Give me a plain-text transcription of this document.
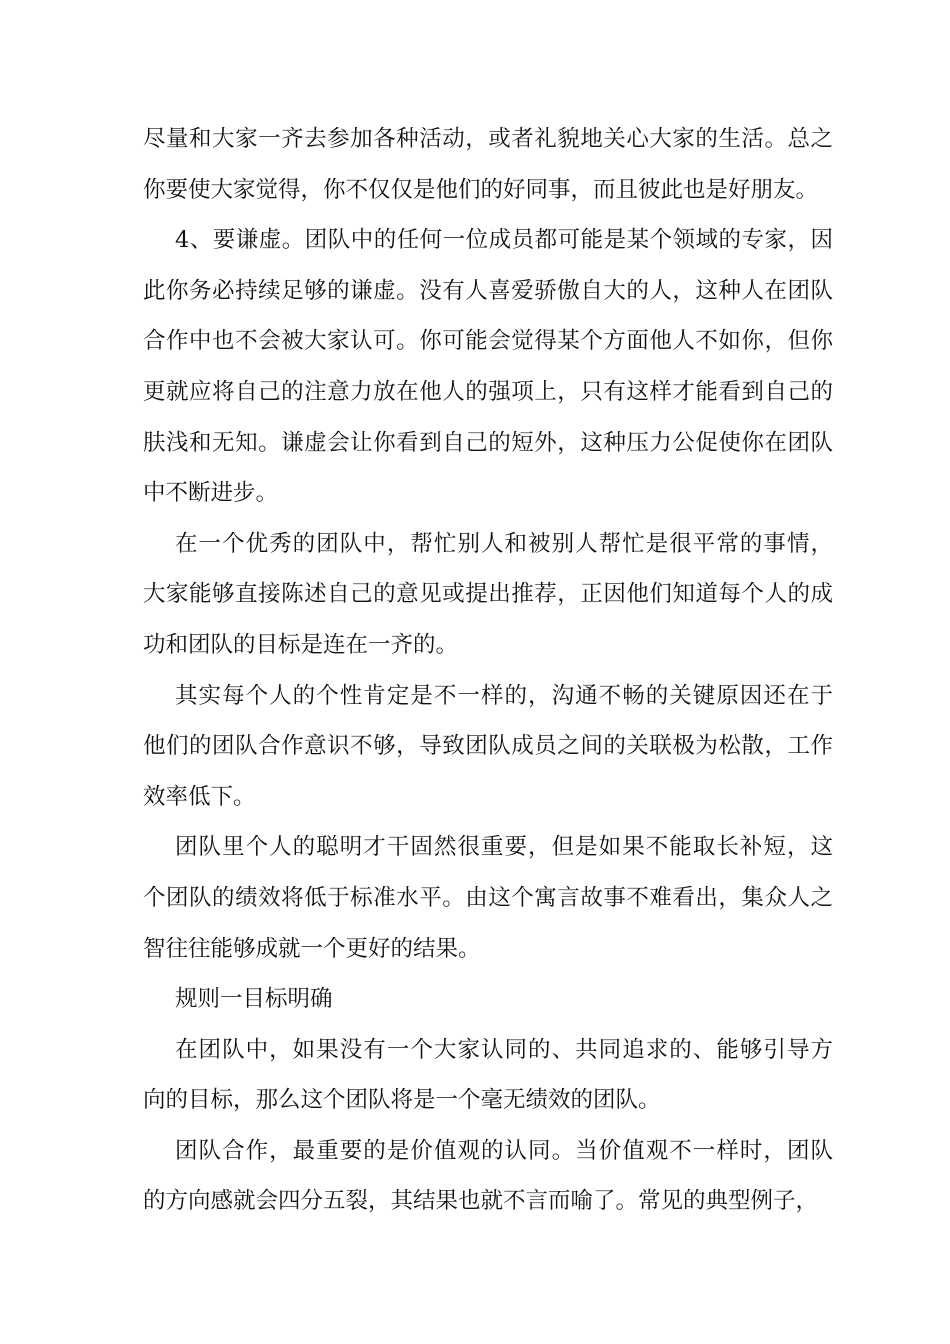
尽量和大家一齐去参加各种活动，或者礼貌地关心大家的生活。总之
你要使大家觉得，你不仅仅是他们的好同事，而且彼此也是好朋友。
4、要谦虚。团队中的任何一位成员都可能是某个领域的专家，因
此你务必持续足够的谦虚。没有人喜爱骄傲自大的人，这种人在团队
合作中也不会被大家认可。你可能会觉得某个方面他人不如你，但你
更就应将自己的注意力放在他人的强项上，只有这样才能看到自己的
肤浅和无知。谦虚会让你看到自己的短外，这种压力公促使你在团队
中不断进步。
在一个优秀的团队中，帮忙别人和被别人帮忙是很平常的事情，
大家能够直接陈述自己的意见或提出推荐，正因他们知道每个人的成
功和团队的目标是连在一齐的。
其实每个人的个性肯定是不一样的，沟通不畅的关键原因还在于
他们的团队合作意识不够，导致团队成员之间的关联极为松散，工作
效率低下。
团队里个人的聪明才干固然很重要，但是如果不能取长补短，这
个团队的绩效将低于标准水平。由这个寓言故事不难看出，集众人之
智往往能够成就一个更好的结果。
规则一目标明确
在团队中，如果没有一个大家认同的、共同追求的、能够引导方
向的目标，那么这个团队将是一个毫无绩效的团队。
团队合作，最重要的是价值观的认同。当价值观不一样时，团队
的方向感就会四分五裂，其结果也就不言而喻了。常见的典型例子，
